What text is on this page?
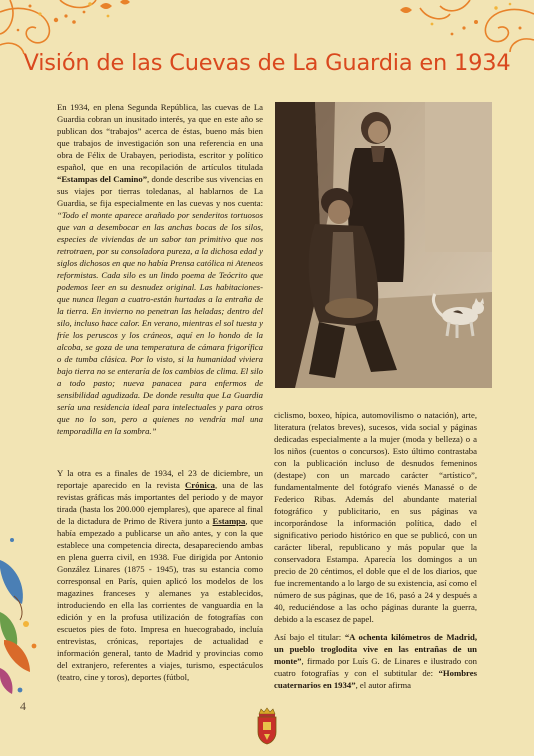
Visión de las Cuevas de La Guardia en 1934

En 1934, en plena Segunda República, las cuevas de La Guardia cobran un inusitado interés, ya que en este año se publican dos “trabajos” acerca de éstas, bueno más bien que trabajos de investigación son una referencia en una obra de Félix de Urabayen, periodista, escritor y político español, que en una recopilación de artículos titulada “Estampas del Camino”, donde describe sus vivencias en sus viajes por tierras toledanas, al hablarnos de La Guardia, se fija especialmente en las cuevas y nos cuenta: “Todo el monte aparece arañado por senderitos tortuosos que van a desembocar en las anchas bocas de los silos, especies de viviendas de un sabor tan primitivo que nos retrotraen, por su consoladora pureza, a la dichosa edad y siglos dichosos en que no había Prensa católica ni Ateneos reformistas. Cada silo es un lindo poema de Teócrito que podemos leer en su desnudez original. Las habitaciones-que nunca llegan a cuatro-están hurtadas a la entraña de la tierra. En invierno no penetran las heladas; dentro del silo, incluso hace calor. En verano, mientras el sol tuesta y fríe los peruscos y los cráneos, aquí en lo hondo de la alcoba, se goza de una temperatura de cámara frigorífica o de tumba clásica. Por lo visto, si la humanidad viviera bajo tierra no se enteraría de los cambios de clima. El silo a todo pasto; nueva panacea para enfermos de sensibilidad agudizada. De donde resulta que La Guardia sería una residencia ideal para intelectuales y para otros que no lo son, pero a quienes no vendría mal una temporadilla en la sombra.”

Y la otra es a finales de 1934, el 23 de diciembre, un reportaje aparecido en la revista Crónica, una de las revistas gráficas más importantes del periodo y de mayor tirada (hasta los 200.000 ejemplares), que aparece al final de la dictadura de Primo de Rivera junto a Estampa, que había empezado a publicarse un año antes, y con la que establece una competencia directa, desapareciendo ambas en plena guerra civil, en 1938. Fue dirigida por Antonio González Linares (1875 - 1945), tras su estancia como corresponsal en París, quien aplicó los modelos de los magazines franceses y alemanes ya establecidos, introduciendo en ella las corrientes de vanguardia en la edición y en la profusa utilización de fotografías con escuetos pies de foto. Impresa en huecograbado, incluía entrevistas, crónicas, reportajes de actualidad e información general, tanto de Madrid y provincias como del extranjero, referentes a viajes, turismo, espectáculos (teatro, cine y toros), deportes (fútbol,

ciclismo, boxeo, hípica, automovilismo o natación), arte, literatura (relatos breves), sucesos, vida social y páginas dedicadas especialmente a la mujer (moda y belleza) o a los niños (cuentos o concursos). Esto último contrastaba con la publicación incluso de desnudos femeninos (destape) con un marcado carácter “artístico”, fundamentalmente del fotógrafo vienés Manassé o de Federico Ribas. Además del abundante material fotográfico y publicitario, en sus páginas va incorporándose la información política, dado el significativo periodo histórico en que se publicó, con un carácter liberal, republicano y más popular que la conservadora Estampa. Aparecía los domingos a un precio de 20 céntimos, el doble que el de los diarios, que fue incrementando a lo largo de su existencia, así como el número de sus páginas, que de 16, pasó a 24 y después a 40, reduciéndose a las ocho páginas durante la guerra, debido a la escasez de papel.

Así bajo el titular: “A ochenta kilómetros de Madrid, un pueblo troglodita vive en las entrañas de un monte”, firmado por Luís G. de Linares e ilustrado con cuatro fotografías y con el subtitular de: “Hombres cuaternarios en 1934”, el autor afirma

4
